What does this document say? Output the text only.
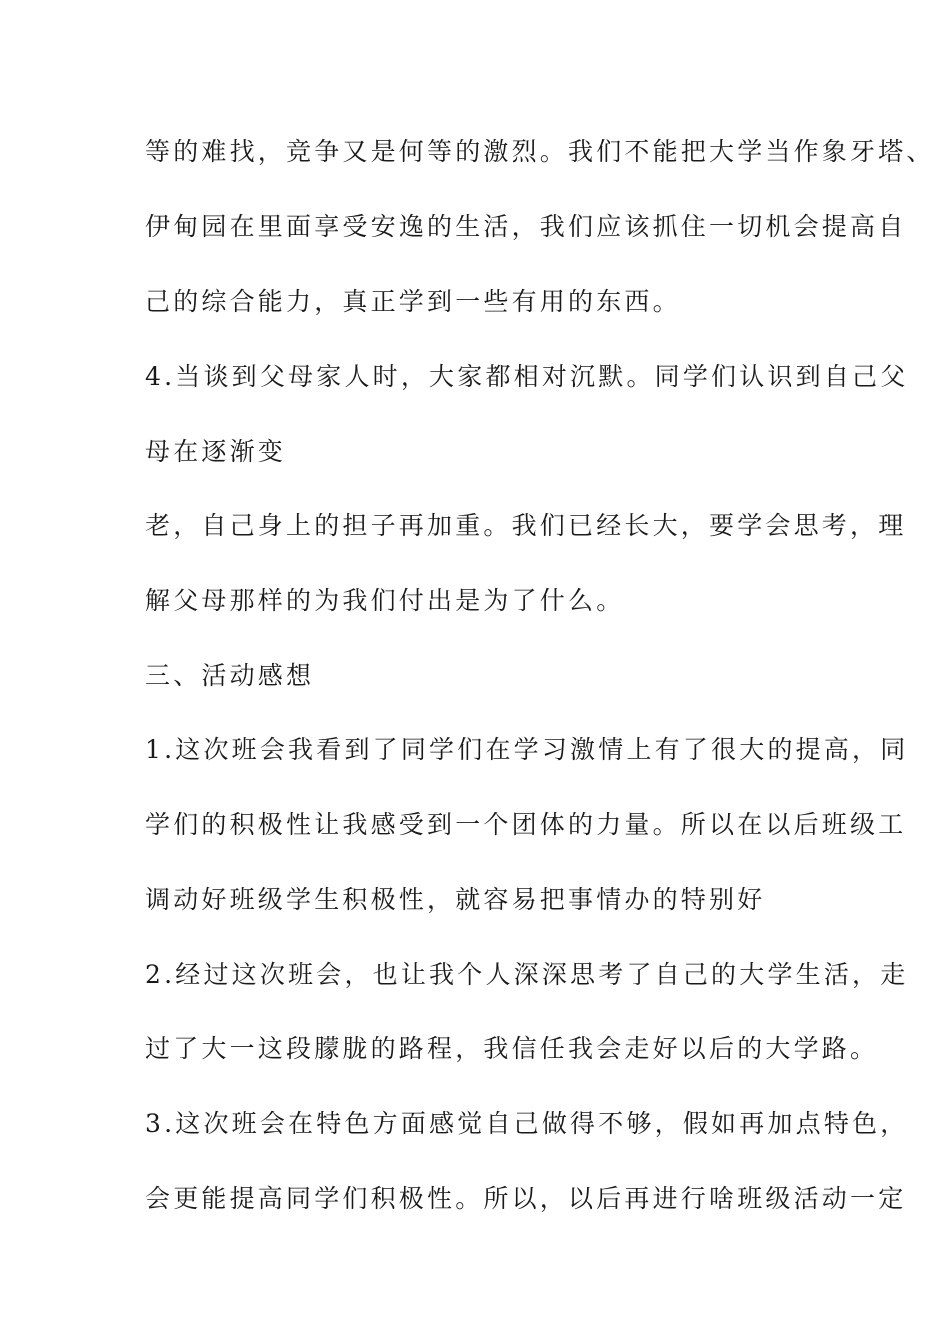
等的难找，竞争又是何等的激烈。我们不能把大学当作象牙塔、
伊甸园在里面享受安逸的生活，我们应该抓住一切机会提高自
己的综合能力，真正学到一些有用的东西。
4.当谈到父母家人时，大家都相对沉默。同学们认识到自己父
母在逐渐变
老，自己身上的担子再加重。我们已经长大，要学会思考，理
解父母那样的为我们付出是为了什么。
三、活动感想
1.这次班会我看到了同学们在学习激情上有了很大的提高，同
学们的积极性让我感受到一个团体的力量。所以在以后班级工
调动好班级学生积极性，就容易把事情办的特别好
2.经过这次班会，也让我个人深深思考了自己的大学生活，走
过了大一这段朦胧的路程，我信任我会走好以后的大学路。
3.这次班会在特色方面感觉自己做得不够，假如再加点特色，
会更能提高同学们积极性。所以，以后再进行啥班级活动一定
